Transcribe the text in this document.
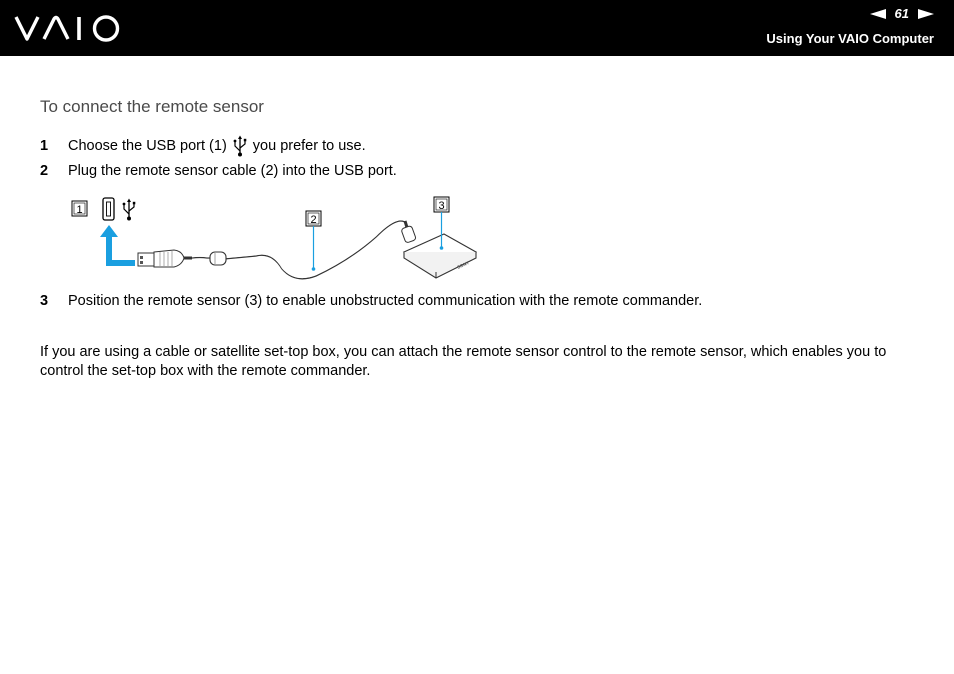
61
Using Your VAIO Computer
To connect the remote sensor
1	Choose the USB port (1) you prefer to use.
2	Plug the remote sensor cable (2) into the USB port.
1
2
SONY
3
3	Position the remote sensor (3) to enable unobstructed communication with the remote commander.
If you are using a cable or satellite set-top box, you can attach the remote sensor control to the remote sensor, which enables you to control the set-top box with the remote commander.
